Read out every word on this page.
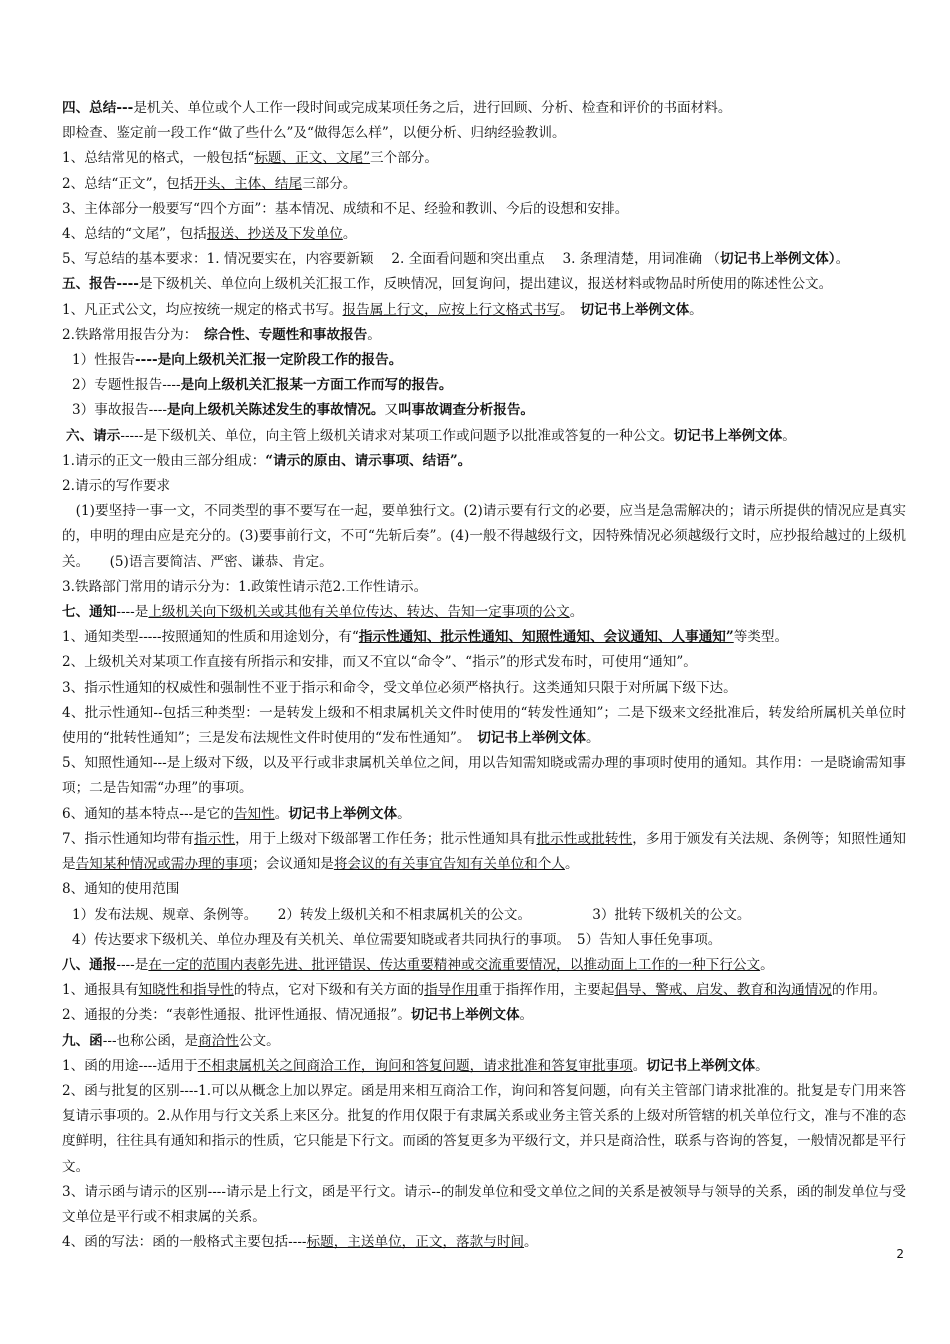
四、总结---是机关、单位或个人工作一段时间或完成某项任务之后，进行回顾、分析、检查和评价的书面材料。
即检查、鉴定前一段工作“做了些什么”及“做得怎么样”，以便分析、归纳经验教训。
1、总结常见的格式，一般包括“标题、正文、文尾”三个部分。
2、总结“正文”，包括开头、主体、结尾三部分。
3、主体部分一般要写“四个方面”：基本情况、成绩和不足、经验和教训、今后的设想和安排。
4、总结的“文尾”，包括报送、抄送及下发单位。
5、写总结的基本要求：1. 情况要实在，内容要新颖　 2. 全面看问题和突出重点　 3. 条理清楚，用词准确 （切记书上举例文体）。
五、报告----是下级机关、单位向上级机关汇报工作，反映情况，回复询问，提出建议，报送材料或物品时所使用的陈述性公文。
1、凡正式公文，均应按统一规定的格式书写。报告属上行文，应按上行文格式书写。　切记书上举例文体。
2.铁路常用报告分为：　综合性、专题性和事故报告。
1）性报告----是向上级机关汇报一定阶段工作的报告。
2）专题性报告----是向上级机关汇报某一方面工作而写的报告。
3）事故报告----是向上级机关陈述发生的事故情况。又叫事故调查分析报告。
六、请示-----是下级机关、单位，向主管上级机关请求对某项工作或问题予以批准或答复的一种公文。切记书上举例文体。
1.请示的正文一般由三部分组成：“请示的原由、请示事项、结语”。
2.请示的写作要求
　(1)要坚持一事一文，不同类型的事不要写在一起，要单独行文。(2)请示要有行文的必要，应当是急需解决的；请示所提供的情况应是真实的，申明的理由应是充分的。(3)要事前行文，不可“先斩后奏”。(4)一般不得越级行文，因特殊情况必须越级行文时，应抄报给越过的上级机关。　　(5)语言要简洁、严密、谦恭、肯定。
3.铁路部门常用的请示分为：1.政策性请示范2.工作性请示。
七、通知----是上级机关向下级机关或其他有关单位传达、转达、告知一定事项的公文。
1、通知类型-----按照通知的性质和用途划分，有“指示性通知、批示性通知、知照性通知、会议通知、人事通知”等类型。
2、上级机关对某项工作直接有所指示和安排，而又不宜以“命令”、“指示”的形式发布时，可使用“通知”。
3、指示性通知的权威性和强制性不亚于指示和命令，受文单位必须严格执行。这类通知只限于对所属下级下达。
4、批示性通知--包括三种类型：一是转发上级和不相隶属机关文件时使用的“转发性通知”；二是下级来文经批准后，转发给所属机关单位时使用的“批转性通知”；三是发布法规性文件时使用的“发布性通知”。　切记书上举例文体。
5、知照性通知---是上级对下级，以及平行或非隶属机关单位之间，用以告知需知晓或需办理的事项时使用的通知。其作用：一是晓谕需知事项；二是告知需“办理”的事项。
6、通知的基本特点---是它的告知性。切记书上举例文体。
7、指示性通知均带有指示性，用于上级对下级部署工作任务；批示性通知具有批示性或批转性，多用于颁发有关法规、条例等；知照性通知是告知某种情况或需办理的事项；会议通知是将会议的有关事宜告知有关单位和个人。
8、通知的使用范围
1）发布法规、规章、条例等。　　2）转发上级机关和不相隶属机关的公文。　　　　　3）批转下级机关的公文。
4）传达要求下级机关、单位办理及有关机关、单位需要知晓或者共同执行的事项。　5）告知人事任免事项。
八、通报----是在一定的范围内表彰先进、批评错误、传达重要精神或交流重要情况，以推动面上工作的一种下行公文。
1、通报具有知晓性和指导性的特点，它对下级和有关方面的指导作用重于指挥作用，主要起倡导、警戒、启发、教育和沟通情况的作用。
2、通报的分类：“表彰性通报、批评性通报、情况通报”。切记书上举例文体。
九、函---也称公函，是商洽性公文。
1、函的用途----适用于不相隶属机关之间商洽工作，询问和答复问题，请求批准和答复审批事项。切记书上举例文体。
2、函与批复的区别----1.可以从概念上加以界定。函是用来相互商洽工作，询问和答复问题，向有关主管部门请求批准的。批复是专门用来答复请示事项的。2.从作用与行文关系上来区分。批复的作用仅限于有隶属关系或业务主管关系的上级对所管辖的机关单位行文，准与不准的态度鲜明，往往具有通知和指示的性质，它只能是下行文。而函的答复更多为平级行文，并只是商洽性，联系与咨询的答复，一般情况都是平行文。
3、请示函与请示的区别----请示是上行文，函是平行文。请示--的制发单位和受文单位之间的关系是被领导与领导的关系，函的制发单位与受文单位是平行或不相隶属的关系。
4、函的写法：函的一般格式主要包括----标题，主送单位，正文，落款与时间。
2
